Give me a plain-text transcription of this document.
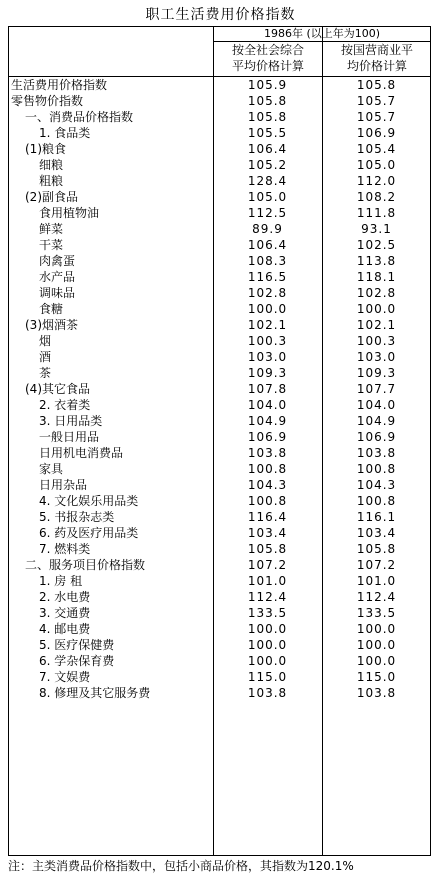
职工生活费用价格指数
1986年 (以上年为100)
按全社会综合
平均价格计算
按国营商业平
均价格计算
生活费用价格指数	105.9	105.8
零售物价指数	105.8	105.7
一、消费品价格指数	105.8	105.7
1. 食品类	105.5	106.9
(1)粮食	106.4	105.4
细粮	105.2	105.0
粗粮	128.4	112.0
(2)副食品	105.0	108.2
食用植物油	112.5	111.8
鲜菜	89.9	93.1
干菜	106.4	102.5
肉禽蛋	108.3	113.8
水产品	116.5	118.1
调味品	102.8	102.8
食糖	100.0	100.0
(3)烟酒茶	102.1	102.1
烟	100.3	100.3
酒	103.0	103.0
茶	109.3	109.3
(4)其它食品	107.8	107.7
2. 衣着类	104.0	104.0
3. 日用品类	104.9	104.9
一般日用品	106.9	106.9
日用机电消费品	103.8	103.8
家具	100.8	100.8
日用杂品	104.3	104.3
4. 文化娱乐用品类	100.8	100.8
5. 书报杂志类	116.4	116.1
6. 药及医疗用品类	103.4	103.4
7. 燃料类	105.8	105.8
二、服务项目价格指数	107.2	107.2
1. 房 租	101.0	101.0
2. 水电费	112.4	112.4
3. 交通费	133.5	133.5
4. 邮电费	100.0	100.0
5. 医疗保健费	100.0	100.0
6. 学杂保育费	100.0	100.0
7. 文娱费	115.0	115.0
8. 修理及其它服务费	103.8	103.8
注：主类消费品价格指数中，包括小商品价格，其指数为120.1%
